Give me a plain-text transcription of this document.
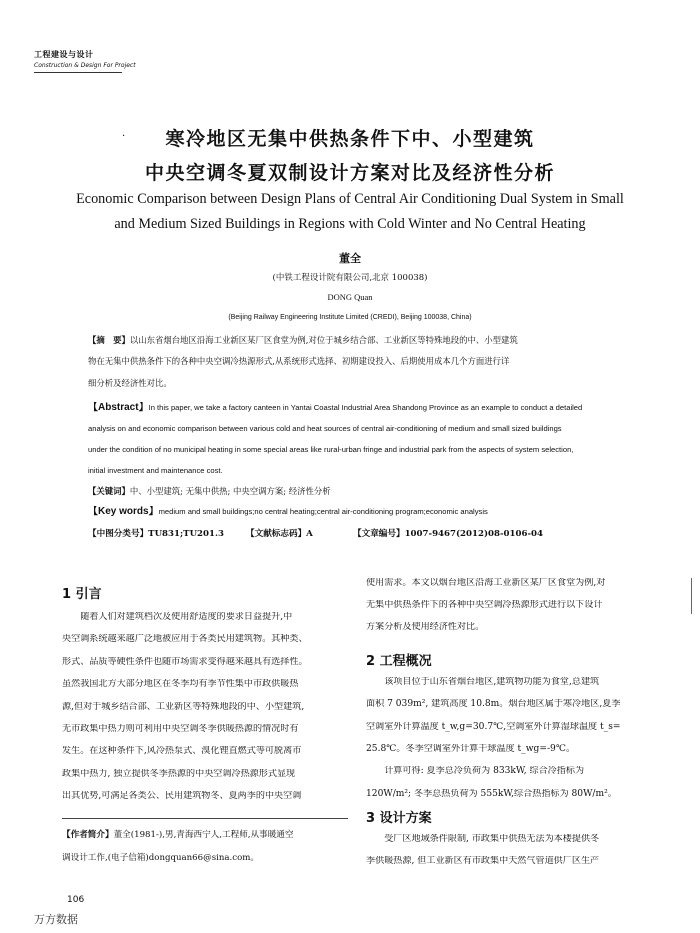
工程建设与设计
Construction & Design For Project
·	寒冷地区无集中供热条件下中、小型建筑
中央空调冬夏双制设计方案对比及经济性分析
Economic Comparison between Design Plans of Central Air Conditioning Dual System in Small
and Medium Sized Buildings in Regions with Cold Winter and No Central Heating
董全
(中铁工程设计院有限公司,北京 100038)
DONG Quan
(Beijing Railway Engineering Institute Limited (CREDI), Beijing 100038, China)
【摘　要】以山东省烟台地区沿海工业新区某厂区食堂为例,对位于城乡结合部、工业新区等特殊地段的中、小型建筑
物在无集中供热条件下的各种中央空调冷热源形式,从系统形式选择、初期建设投入、后期使用成本几个方面进行详
细分析及经济性对比。
【Abstract】In this paper, we take a factory canteen in Yantai Coastal Industrial Area Shandong Province as an example to conduct a detailed
analysis on and economic comparison between various cold and heat sources of central air-conditioning of medium and small sized buildings
under the condition of no municipal heating in some special areas like rural-urban fringe and industrial park from the aspects of system selection,
initial investment and maintenance cost.
【关键词】中、小型建筑; 无集中供热; 中央空调方案; 经济性分析
【Key words】medium and small buildings;no central heating;central air-conditioning program;economic analysis
【中图分类号】TU831;TU201.3	【文献标志码】A	【文章编号】1007-9467(2012)08-0106-04
1 引言
　　随着人们对建筑档次及使用舒适度的要求日益提升,中
央空调系统越来越广泛地被应用于各类民用建筑物。其种类、
形式、品质等硬性条件也随市场需求变得越来越具有选择性。
虽然我国北方大部分地区在冬季均有季节性集中市政供暖热
源,但对于城乡结合部、工业新区等特殊地段的中、小型建筑,
无市政集中热力则可利用中央空调冬季供暖热源的情况时有
发生。在这种条件下,风冷热泵式、溴化锂直燃式等可脱离市
政集中热力, 独立提供冬季热源的中央空调冷热源形式显现
出其优势,可满足各类公、民用建筑物冬、夏两季的中央空调
使用需求。本文以烟台地区沿海工业新区某厂区食堂为例,对
无集中供热条件下的各种中央空调冷热源形式进行以下设计
方案分析及使用经济性对比。
2 工程概况
　　该项目位于山东省烟台地区,建筑物功能为食堂,总建筑
面积 7 039m², 建筑高度 10.8m。烟台地区属于寒冷地区,夏季
空调室外计算温度 t_w,g=30.7℃,空调室外计算湿球温度 t_s=
25.8℃。冬季空调室外计算干球温度 t_wg=-9℃。
　　计算可得: 夏季总冷负荷为 833kW, 综合冷指标为
120W/m²; 冬季总热负荷为 555kW,综合热指标为 80W/m²。
3 设计方案
　　受厂区地域条件限制, 市政集中供热无法为本楼提供冬
季供暖热源, 但工业新区有市政集中天然气管道供厂区生产
【作者简介】董全(1981-),男,青海西宁人,工程师,从事暖通空
调设计工作,(电子信箱)dongquan66@sina.com。
106
万方数据
